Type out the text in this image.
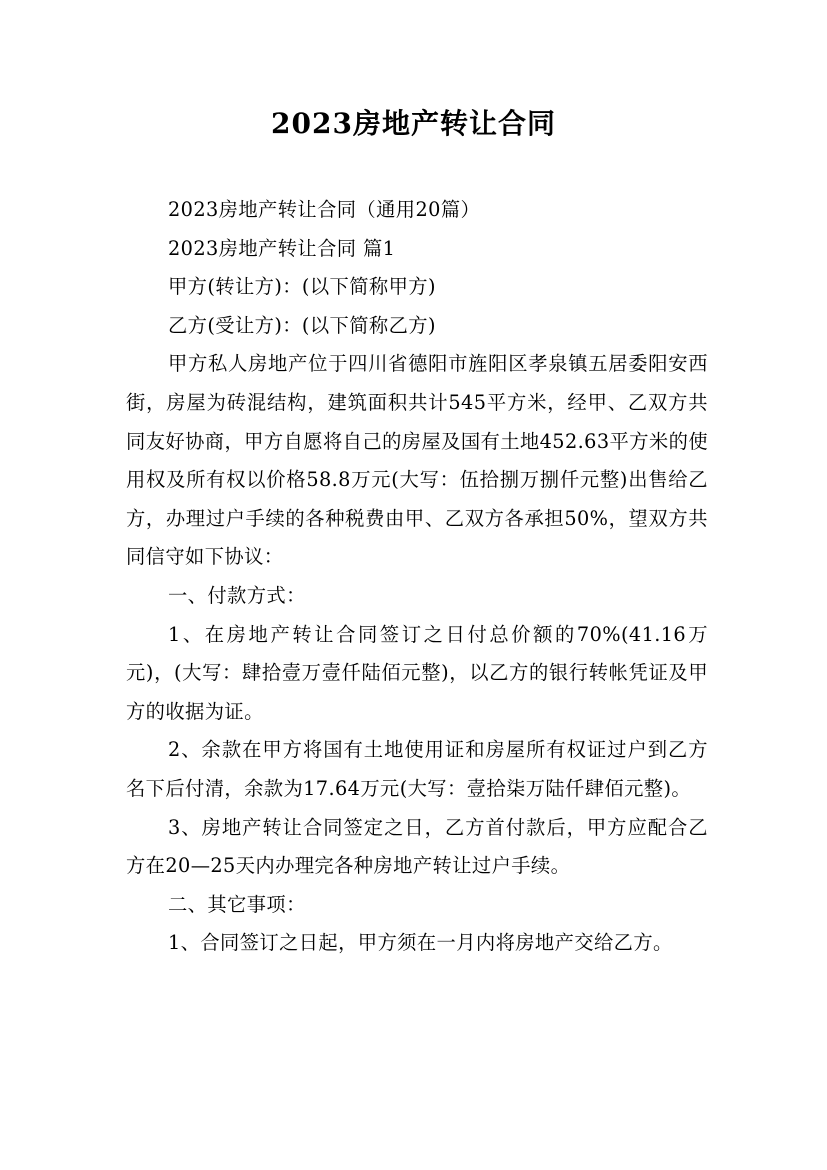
2023房地产转让合同

2023房地产转让合同（通用20篇）

2023房地产转让合同 篇1

甲方(转让方)：(以下简称甲方)

乙方(受让方)：(以下简称乙方)

甲方私人房地产位于四川省德阳市旌阳区孝泉镇五居委阳安西街，房屋为砖混结构，建筑面积共计545平方米，经甲、乙双方共同友好协商，甲方自愿将自己的房屋及国有土地452.63平方米的使用权及所有权以价格58.8万元(大写：伍拾捌万捌仟元整)出售给乙方，办理过户手续的各种税费由甲、乙双方各承担50%，望双方共同信守如下协议：

一、付款方式：

1、在房地产转让合同签订之日付总价额的70%(41.16万元)，(大写：肆拾壹万壹仟陆佰元整)，以乙方的银行转帐凭证及甲方的收据为证。

2、余款在甲方将国有土地使用证和房屋所有权证过户到乙方名下后付清，余款为17.64万元(大写：壹拾柒万陆仟肆佰元整)。

3、房地产转让合同签定之日，乙方首付款后，甲方应配合乙方在20—25天内办理完各种房地产转让过户手续。

二、其它事项：

1、合同签订之日起，甲方须在一月内将房地产交给乙方。
